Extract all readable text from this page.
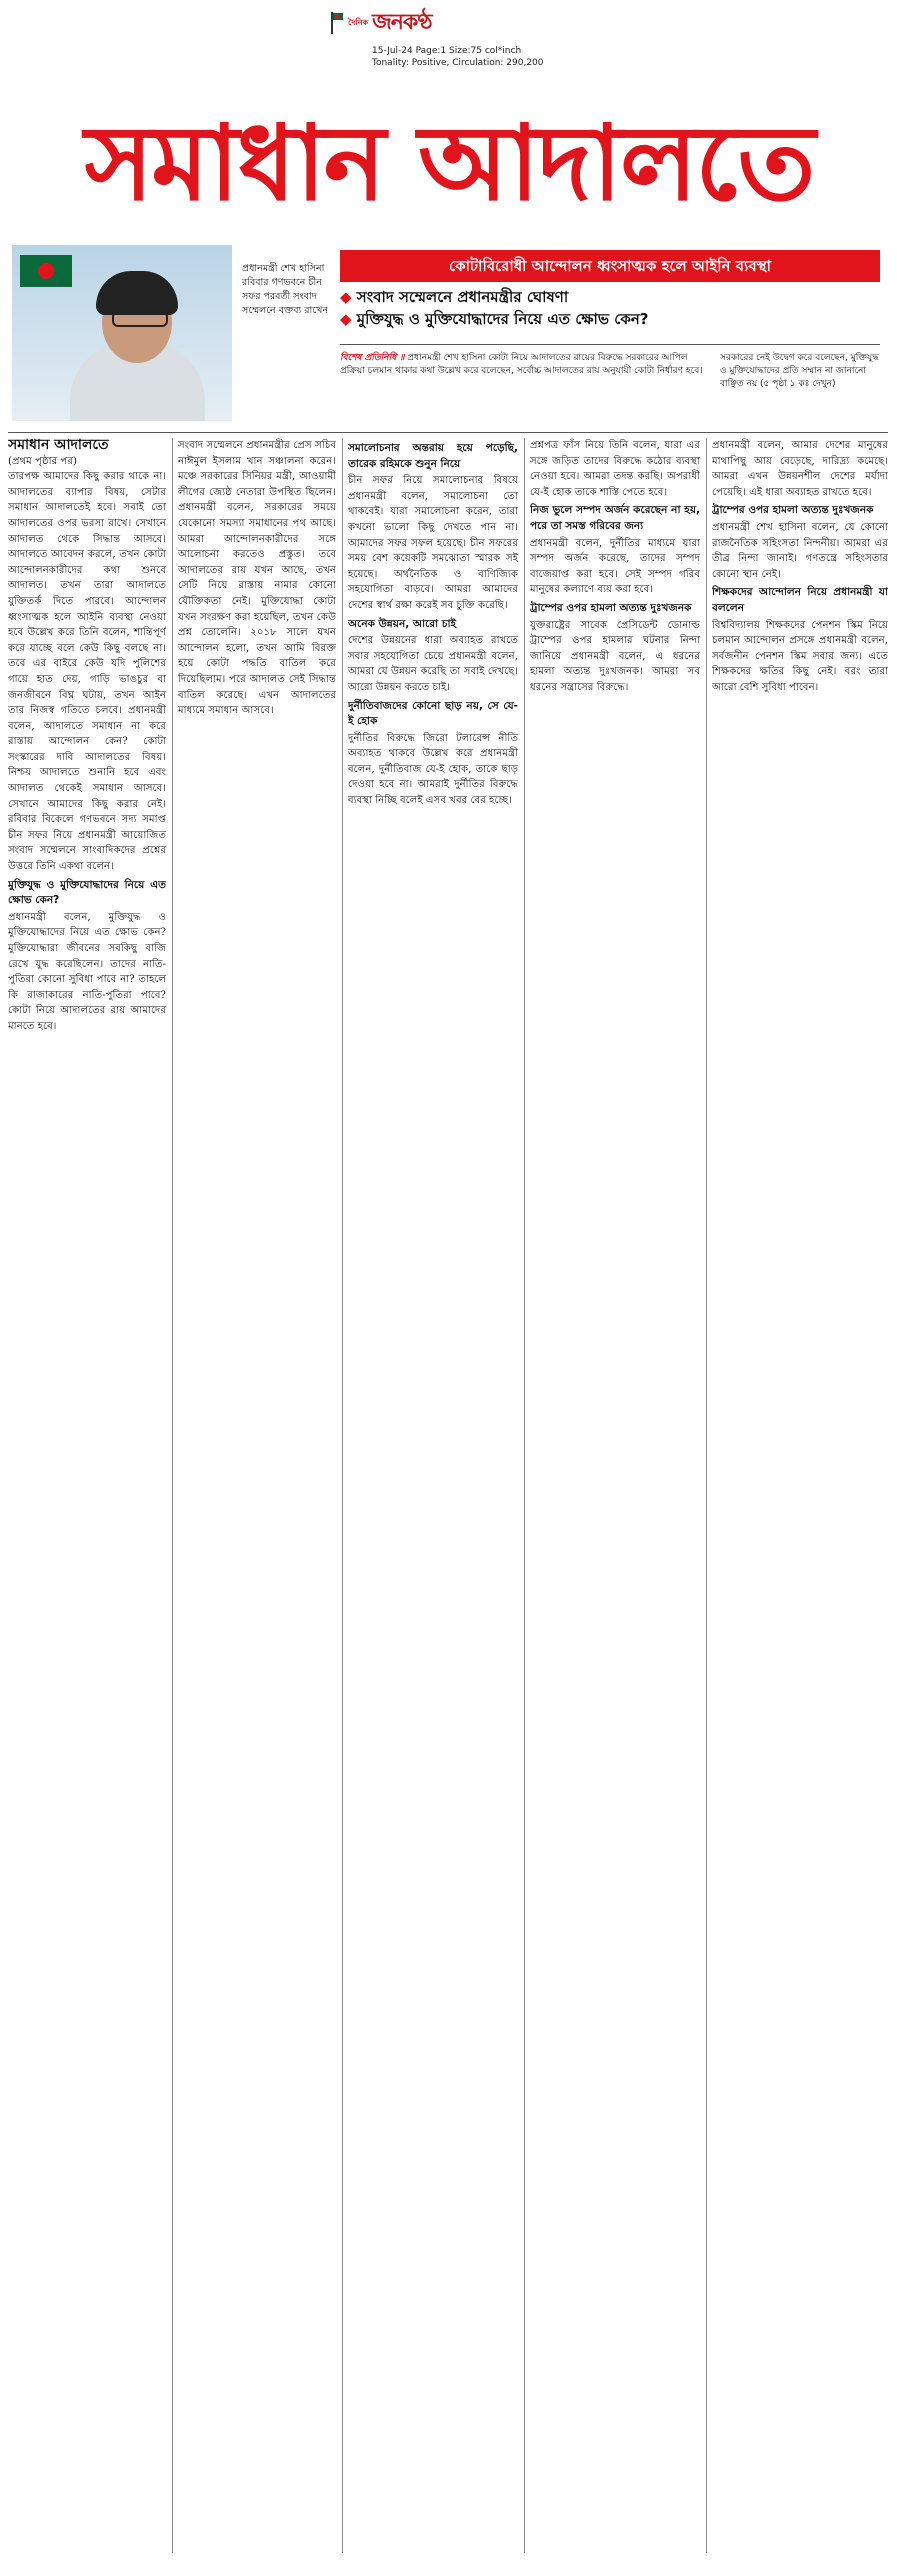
দৈনিক জনকণ্ঠ
15-Jul-24 Page:1 Size:75 col*inch
Tonality: Positive, Circulation: 290,200
সমাধান আদালতে
প্রধানমন্ত্রী শেখ হাসিনা রবিবার গণভবনে চীন সফর পরবর্তী সংবাদ সম্মেলনে বক্তব্য রাখেন
কোটাবিরোধী আন্দোলন ধ্বংসাত্মক হলে আইনি ব্যবস্থা
◆ সংবাদ সম্মেলনে প্রধানমন্ত্রীর ঘোষণা
◆ মুক্তিযুদ্ধ ও মুক্তিযোদ্ধাদের নিয়ে এত ক্ষোভ কেন?
বিশেষ প্রতিনিধি ॥ প্রধানমন্ত্রী শেখ হাসিনা কোটা নিয়ে আদালতের রায়ের বিরুদ্ধে সরকারের আপিল প্রক্রিয়া চলমান থাকার কথা উল্লেখ করে বলেছেন, সর্বোচ্চ আদালতের রায় অনুযায়ী কোটা নির্ধারণ হবে।
সরকারের নেই উদ্বেগ করে বলেছেন, মুক্তিযুদ্ধ ও মুক্তিযোদ্ধাদের প্রতি সম্মান না জানানো বাঞ্ছিত নয় (৫ পৃষ্ঠা ১ কঃ দেখুন)
সমাধান আদালতে
(প্রথম পৃষ্ঠার পর)

তারপক্ষ আমাদের কিছু করার থাকে না। আদালতের ব্যাপার বিষয়, সেটার সমাধান আদালতেই হবে। সবাই তো আদালতের ওপর ভরসা রাখে। সেখানে আদালত থেকে সিদ্ধান্ত আসবে। আদালতে আবেদন করলে, তখন কোটা আন্দোলনকারীদের কথা শুনবে আদালত। তখন তারা আদালতে যুক্তিতর্ক দিতে পারবে। আন্দোলন ধ্বংসাত্মক হলে আইনি ব্যবস্থা নেওয়া হবে উল্লেখ করে তিনি বলেন, শান্তিপূর্ণ করে যাচ্ছে বলে কেউ কিছু বলছে না। তবে এর বাইরে কেউ যদি পুলিশের গায়ে হাত দেয়, গাড়ি ভাঙচুর বা জনজীবনে বিঘ্ন ঘটায়, তখন আইন তার নিজস্ব গতিতে চলবে। প্রধানমন্ত্রী বলেন, আদালতে সমাধান না করে রাস্তায় আন্দোলন কেন? কোটা সংস্কারের দাবি আদালতের বিষয়। নিশ্চয় আদালতে শুনানি হবে এবং আদালত থেকেই সমাধান আসবে। সেখানে আমাদের কিছু করার নেই। রবিবার বিকেলে গণভবনে সদ্য সমাপ্ত চীন সফর নিয়ে প্রধানমন্ত্রী আয়োজিত সংবাদ সম্মেলনে সাংবাদিকদের প্রশ্নের উত্তরে তিনি একথা বলেন।

মুক্তিযুদ্ধ ও মুক্তিযোদ্ধাদের নিয়ে এত ক্ষোভ কেন?

প্রধানমন্ত্রী বলেন, মুক্তিযুদ্ধ ও মুক্তিযোদ্ধাদের নিয়ে এত ক্ষোভ কেন? মুক্তিযোদ্ধারা জীবনের সবকিছু বাজি রেখে যুদ্ধ করেছিলেন। তাদের নাতি-পুতিরা কোনো সুবিধা পাবে না? তাহলে কি রাজাকারের নাতি-পুতিরা পাবে? কোটা নিয়ে আদালতের রায় আমাদের মানতে হবে।

সংবাদ সম্মেলনে প্রধানমন্ত্রীর প্রেস সচিব নাঈমুল ইসলাম খান সঞ্চালনা করেন। মঞ্চে সরকারের সিনিয়র মন্ত্রী, আওয়ামী লীগের জ্যেষ্ঠ নেতারা উপস্থিত ছিলেন। প্রধানমন্ত্রী বলেন, সরকারের সময়ে যেকোনো সমস্যা সমাধানের পথ আছে। আমরা আন্দোলনকারীদের সঙ্গে আলোচনা করতেও প্রস্তুত। তবে আদালতের রায় যখন আছে, তখন সেটি নিয়ে রাস্তায় নামার কোনো যৌক্তিকতা নেই। মুক্তিযোদ্ধা কোটা যখন সংরক্ষণ করা হয়েছিল, তখন কেউ প্রশ্ন তোলেনি। ২০১৮ সালে যখন আন্দোলন হলো, তখন আমি বিরক্ত হয়ে কোটা পদ্ধতি বাতিল করে দিয়েছিলাম। পরে আদালত সেই সিদ্ধান্ত বাতিল করেছে। এখন আদালতের মাধ্যমে সমাধান আসবে।

সমালোচনার অন্তরায় হয়ে পড়েছি, তারেক রহিমকে শুনুন নিয়ে

চীন সফর নিয়ে সমালোচনার বিষয়ে প্রধানমন্ত্রী বলেন, সমালোচনা তো থাকবেই। যারা সমালোচনা করেন, তারা কখনো ভালো কিছু দেখতে পান না। আমাদের সফর সফল হয়েছে। চীন সফরের সময় বেশ কয়েকটি সমঝোতা স্মারক সই হয়েছে। অর্থনৈতিক ও বাণিজ্যিক সহযোগিতা বাড়বে। আমরা আমাদের দেশের স্বার্থ রক্ষা করেই সব চুক্তি করেছি।

অনেক উন্নয়ন, আরো চাই

দেশের উন্নয়নের ধারা অব্যাহত রাখতে সবার সহযোগিতা চেয়ে প্রধানমন্ত্রী বলেন, আমরা যে উন্নয়ন করেছি তা সবাই দেখছে। আরো উন্নয়ন করতে চাই।

দুর্নীতিবাজদের কোনো ছাড় নয়, সে যে-ই হোক

দুর্নীতির বিরুদ্ধে জিরো টলারেন্স নীতি অব্যাহত থাকবে উল্লেখ করে প্রধানমন্ত্রী বলেন, দুর্নীতিবাজ যে-ই হোক, তাকে ছাড় দেওয়া হবে না। আমরাই দুর্নীতির বিরুদ্ধে ব্যবস্থা নিচ্ছি বলেই এসব খবর বের হচ্ছে।

প্রশ্নপত্র ফাঁস নিয়ে তিনি বলেন, যারা এর সঙ্গে জড়িত তাদের বিরুদ্ধে কঠোর ব্যবস্থা নেওয়া হবে। আমরা তদন্ত করছি। অপরাধী যে-ই হোক তাকে শাস্তি পেতে হবে।

নিজ ভুলে সম্পদ অর্জন করেছেন না হয়, পরে তা সমস্ত গরিবের জন্য

প্রধানমন্ত্রী বলেন, দুর্নীতির মাধ্যমে যারা সম্পদ অর্জন করেছে, তাদের সম্পদ বাজেয়াপ্ত করা হবে। সেই সম্পদ গরিব মানুষের কল্যাণে ব্যয় করা হবে।

ট্রাম্পের ওপর হামলা অত্যন্ত দুঃখজনক

যুক্তরাষ্ট্রের সাবেক প্রেসিডেন্ট ডোনাল্ড ট্রাম্পের ওপর হামলার ঘটনার নিন্দা জানিয়ে প্রধানমন্ত্রী বলেন, এ ধরনের হামলা অত্যন্ত দুঃখজনক। আমরা সব ধরনের সন্ত্রাসের বিরুদ্ধে।

প্রধানমন্ত্রী বলেন, আমার দেশের মানুষের মাথাপিছু আয় বেড়েছে, দারিদ্র্য কমেছে। আমরা এখন উন্নয়নশীল দেশের মর্যাদা পেয়েছি। এই ধারা অব্যাহত রাখতে হবে।

ট্রাম্পের ওপর হামলা অত্যন্ত দুঃখজনক

প্রধানমন্ত্রী শেখ হাসিনা বলেন, যে কোনো রাজনৈতিক সহিংসতা নিন্দনীয়। আমরা এর তীব্র নিন্দা জানাই। গণতন্ত্রে সহিংসতার কোনো স্থান নেই।

শিক্ষকদের আন্দোলন নিয়ে প্রধানমন্ত্রী যা বললেন

বিশ্ববিদ্যালয় শিক্ষকদের পেনশন স্কিম নিয়ে চলমান আন্দোলন প্রসঙ্গে প্রধানমন্ত্রী বলেন, সর্বজনীন পেনশন স্কিম সবার জন্য। এতে শিক্ষকদের ক্ষতির কিছু নেই। বরং তারা আরো বেশি সুবিধা পাবেন।
